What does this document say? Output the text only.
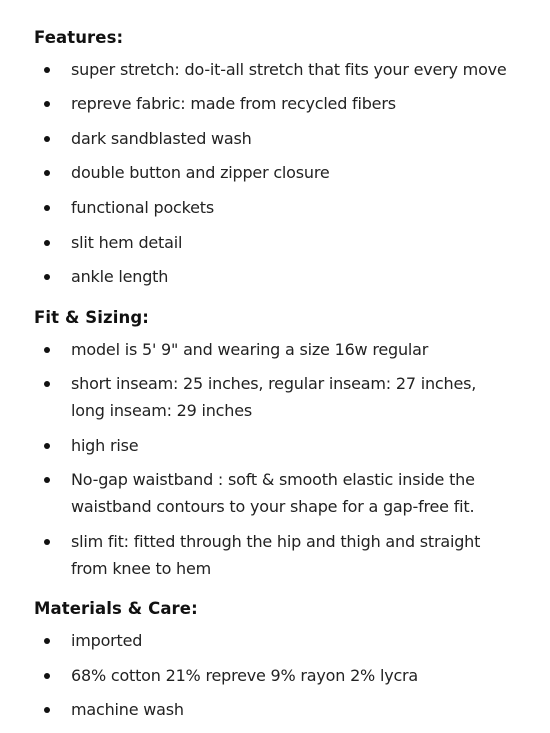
Features:

super stretch: do-it-all stretch that fits your every move

repreve fabric: made from recycled fibers

dark sandblasted wash

double button and zipper closure

functional pockets

slit hem detail

ankle length

Fit & Sizing:

model is 5' 9" and wearing a size 16w regular

short inseam: 25 inches, regular inseam: 27 inches, long inseam: 29 inches

high rise

No-gap waistband : soft & smooth elastic inside the waistband contours to your shape for a gap-free fit.

slim fit: fitted through the hip and thigh and straight from knee to hem

Materials & Care:

imported

68% cotton 21% repreve 9% rayon 2% lycra

machine wash
